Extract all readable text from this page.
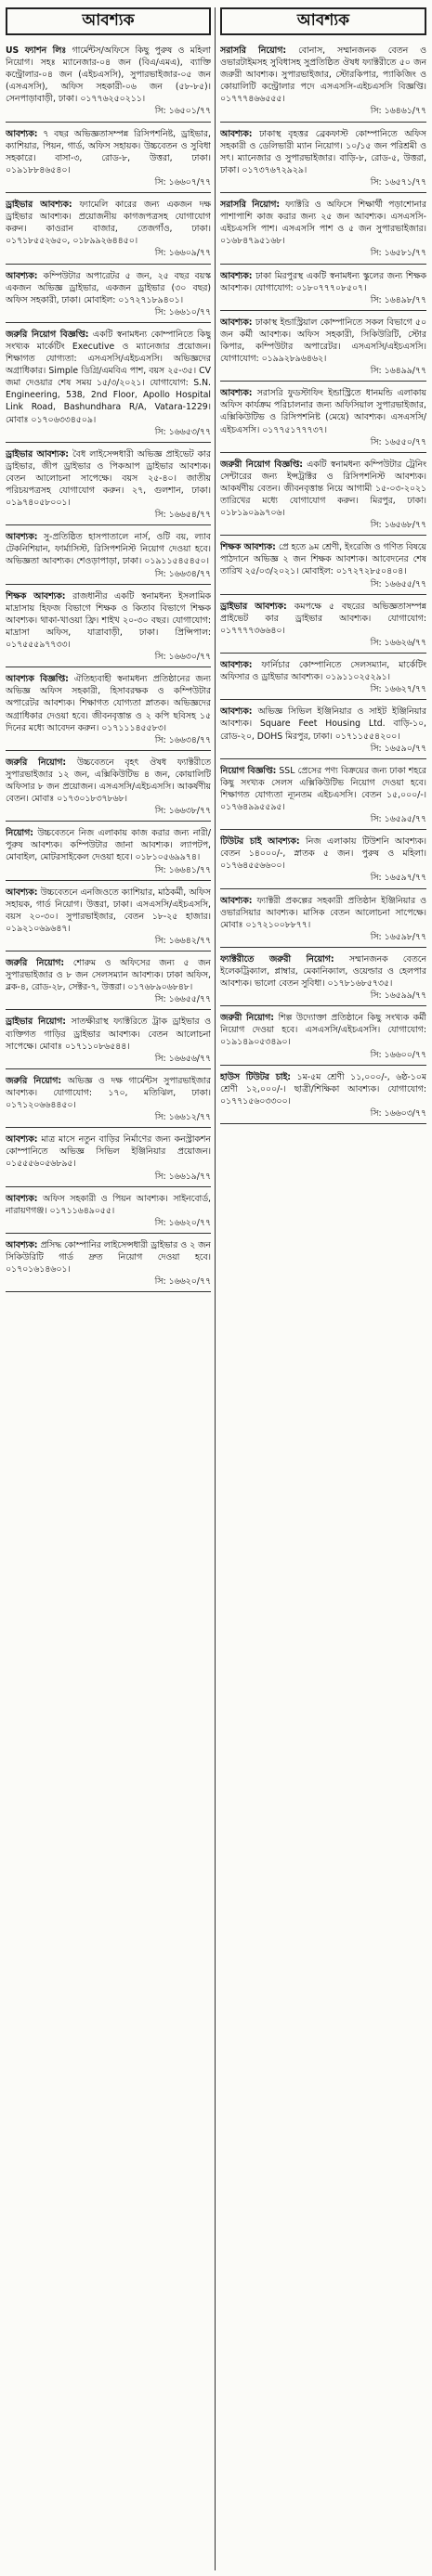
আবশ্যক

US ফ্যাশন লিঃ গার্মেন্টস/অফিসে কিছু পুরুষ ও মহিলা নিয়োগ। সহঃ ম্যানেজার-০৪ জন (বিএ/এমএ), ব্যাক্তি কন্ট্রোলার-০৪ জন (এইচএসসি), সুপারভাইজার-০৫ জন (এসএসসি), অফিস সহকারী-০৬ জন (৫৮-৮৫)। সেনপাড়াবাড়ী, ঢাকা। ০১৭৭৬২৫০২১১।
সি: ১৬৫০১/৭৭

আবশ্যক: ৭ বছর অভিজ্ঞতাসম্পন্ন রিসিপশনিষ্ট, ড্রাইভার, ক্যাশিয়ার, পিয়ন, গার্ড, অফিস সহায়ক। উচ্চবেতন ও সুবিধা সহকারে। বাসা-৩, রোড-৮, উত্তরা, ঢাকা। ০১৯১৮৮৪৬৫৪০।
সি: ১৬৬০৭/৭৭

ড্রাইভার আবশ্যক: ফ্যামেলি কারের জন্য একজন দক্ষ ড্রাইভার আবশ্যক। প্রয়োজনীয় কাগজপত্রসহ যোগাযোগ করুন। কাওরান বাজার, তেজগাঁও, ঢাকা। ০১৭১৮৫৫২৬৫০, ০১৮৯৯২৬৪৪৫০।
সি: ১৬৬০৯/৭৭

আবশ্যক: কম্পিউটার অপারেটর ৫ জন, ২৫ বছর বয়স্ক একজন অভিজ্ঞ ড্রাইভার, একজন ড্রাইভার (৩০ বছর) অফিস সহকারী, ঢাকা। মোবাইল: ০১৭২৭১৮৯৪০১।
সি: ১৬৬১০/৭৭

জরুরি নিয়োগ বিজ্ঞপ্তি: একটি স্বনামধন্য কোম্পানিতে কিছু সংখ্যক মার্কেটিং Executive ও ম্যানেজার প্রয়োজন। শিক্ষাগত যোগ্যতা: এসএসসি/এইচএসসি। অভিজ্ঞদের অগ্রাধিকার। Simple ডিগ্রি/এমবিএ পাশ, বয়স ২৫-৩৫। CV জমা দেওয়ার শেষ সময় ১৫/৩/২০২১। যোগাযোগ: S.N. Engineering, 538, 2nd Floor, Apollo Hospital Link Road, Bashundhara R/A, Vatara-1229। মোবাঃ ০১৭০৬৩৩৪৫০৯।
সি: ১৬৬৫৩/৭৭

ড্রাইভার আবশ্যক: বৈধ লাইসেন্সধারী অভিজ্ঞ প্রাইভেট কার ড্রাইভার, জীপ ড্রাইভার ও পিকআপ ড্রাইভার আবশ্যক। বেতন আলোচনা সাপেক্ষে। বয়স ২৫-৪০। জাতীয় পরিচয়পত্রসহ যোগাযোগ করুন। ২৭, গুলশান, ঢাকা। ০১৯৭৪০৫৮০০১।
সি: ১৬৬৫৪/৭৭

আবশ্যক: সু-প্রতিষ্ঠিত হাসপাতালে নার্স, ওটি বয়, ল্যাব টেকনিশিয়ান, ফার্মাসিস্ট, রিসিপশনিস্ট নিয়োগ দেওয়া হবে। অভিজ্ঞতা আবশ্যক। শেওড়াপাড়া, ঢাকা। ০১৯১১৫৪৫৪৫০।
সি: ১৬৬৩৪/৭৭

শিক্ষক আবশ্যক: রাজধানীর একটি স্বনামধন্য ইসলামিক মাদ্রাসায় হিফজ বিভাগে শিক্ষক ও কিতাব বিভাগে শিক্ষক আবশ্যক। থাকা-খাওয়া ফ্রি। শাইখ ২০-৩০ বছর। যোগাযোগ: মাদ্রাসা অফিস, যাত্রাবাড়ী, ঢাকা। প্রিন্সিপাল: ০১৭৫৫৫৯৭৭৩৩।
সি: ১৬৬৩০/৭৭

আবশ্যক বিজ্ঞপ্তি: ঐতিহ্যবাহী স্বনামধন্য প্রতিষ্ঠানের জন্য অভিজ্ঞ অফিস সহকারী, হিসাবরক্ষক ও কম্পিউটার অপারেটর আবশ্যক। শিক্ষাগত যোগ্যতা স্নাতক। অভিজ্ঞদের অগ্রাধিকার দেওয়া হবে। জীবনবৃত্তান্ত ও ২ কপি ছবিসহ ১৫ দিনের মধ্যে আবেদন করুন। ০১৭১১১৪৫৫৮৩।
সি: ১৬৬৩৪/৭৭

জরুরি নিয়োগ: উচ্চবেতনে বৃহৎ ঔষধ ফ্যাক্টরীতে সুপারভাইজার ১২ জন, এক্সিকিউটিভ ৪ জন, কোয়ালিটি অফিসার ৮ জন প্রয়োজন। এসএসসি/এইচএসসি। আকর্ষণীয় বেতন। মোবাঃ ০১৭৩০১৮৩৭৮৬৮।
সি: ১৬৬৩৮/৭৭

নিয়োগ: উচ্চবেতনে নিজ এলাকায় কাজ করার জন্য নারী/পুরুষ আবশ্যক। কম্পিউটার জানা আবশ্যক। ল্যাপটপ, মোবাইল, মোটরসাইকেল দেওয়া হবে। ০১৮১০৫৬৯৯৭৪।
সি: ১৬৬৪১/৭৭

আবশ্যক: উচ্চবেতনে এনজিওতে ক্যাশিয়ার, মাঠকর্মী, অফিস সহায়ক, গার্ড নিয়োগ। উত্তরা, ঢাকা। এসএসসি/এইচএসসি, বয়স ২০-৩০। সুপারভাইজার, বেতন ১৮-২৫ হাজার। ০১৯২১০৬৯৬৪৭।
সি: ১৬৬৪২/৭৭

জরুরি নিয়োগ: শোরুম ও অফিসের জন্য ৫ জন সুপারভাইজার ও ৮ জন সেলসম্যান আবশ্যক। ঢাকা অফিস, ব্লক-৪, রোড-২৮, সেক্টর-৭, উত্তরা। ০১৭৬৮৯০৬৮৪৮।
সি: ১৬৬৫৫/৭৭

ড্রাইভার নিয়োগ: সাতক্ষীরাস্থ ফ্যাক্টরিতে ট্রাক ড্রাইভার ও ব্যক্তিগত গাড়ির ড্রাইভার আবশ্যক। বেতন আলোচনা সাপেক্ষে। মোবাঃ ০১৭১১০৮৬৫৪৪।
সি: ১৬৬৫৬/৭৭

জরুরি নিয়োগ: অভিজ্ঞ ও দক্ষ গার্মেন্টস সুপারভাইজার আবশ্যক। যোগাযোগ: ১৭০, মতিঝিল, ঢাকা। ০১৭১২০৬৬৪৪৫০।
সি: ১৬৬১২/৭৭

আবশ্যক: মাত্র মাসে নতুন বাড়ির নির্মাণের জন্য কনস্ট্রাকশন কোম্পানিতে অভিজ্ঞ সিভিল ইঞ্জিনিয়ার প্রয়োজন। ০১৫৫৫৬০৫৬৮৯৫।
সি: ১৬৬১৯/৭৭

আবশ্যক: অফিস সহকারী ও পিয়ন আবশ্যক। সাইনবোর্ড, নারায়ণগঞ্জ। ০১৭১১৬৪৯০৫৫।
সি: ১৬৬২০/৭৭

আবশ্যক: প্রসিদ্ধ কোম্পানির লাইসেন্সধারী ড্রাইভার ও ২ জন সিকিউরিটি গার্ড দ্রুত নিয়োগ দেওয়া হবে। ০১৭০১৬১৪৬০১।
সি: ১৬৬২০/৭৭

আবশ্যক

সরাসরি নিয়োগ: বোনাস, সম্মানজনক বেতন ও ওভারটাইমসহ সুবিধাসহ সুপ্রতিষ্ঠিত ঔষধ ফ্যাক্টরীতে ৫০ জন জরুরী আবশ্যক। সুপারভাইজার, স্টোরকিপার, প্যাকিজিং ও কোয়ালিটি কন্ট্রোলার পদে এসএসসি-এইচএসসি বিজ্ঞপ্তি। ০১৭৭৭৪৬৬৫৫৫।
সি: ১৬৪৬১/৭৭

আবশ্যক: ঢাকাস্থ বৃহত্তর ব্রেকফাস্ট কোম্পানিতে অফিস সহকারী ও ডেলিভারী ম্যান নিয়োগ। ১০/১৫ জন পরিশ্রমী ও সৎ। ম্যানেজার ও সুপারভাইজার। বাড়ি-৮, রোড-৫, উত্তরা, ঢাকা। ০১৭৩৭৬৭২৯২৯।
সি: ১৬৫৭১/৭৭

সরাসরি নিয়োগ: ফ্যাক্টরি ও অফিসে শিক্ষার্থী পড়াশোনার পাশাপাশি কাজ করার জন্য ২৫ জন আবশ্যক। এসএসসি-এইচএসসি পাশ। এসএসসি পাশ ও ৫ জন সুপারভাইজার। ০১৬৮৪৭৯৫১৬৮।
সি: ১৬৫৮১/৭৭

আবশ্যক: ঢাকা মিরপুরস্থ একটি স্বনামধন্য স্কুলের জন্য শিক্ষক আবশ্যক। যোগাযোগ: ০১৮০৭৭৭০৮৫০৭।
সি: ১৬৪৯৮/৭৭

আবশ্যক: ঢাকাস্থ ইন্ডাস্ট্রিয়াল কোম্পানিতে সকল বিভাগে ৫০ জন কর্মী আবশ্যক। অফিস সহকারী, সিকিউরিটি, স্টোর কিপার, কম্পিউটার অপারেটর। এসএসসি/এইচএসসি। যোগাযোগ: ০১৯৯২৮৯৬৪৬২।
সি: ১৬৪৯৯/৭৭

আবশ্যক: সরাসরি ফুডস্টাফিং ইন্ডাস্ট্রিতে ধানমন্ডি এলাকায় অফিস কার্যক্রম পরিচালনার জন্য অফিসিয়াল সুপারভাইজার, এক্সিকিউটিভ ও রিসিপশনিষ্ট (মেয়ে) আবশ্যক। এসএসসি/এইচএসসি। ০১৭৭৫১৭৭৭৩৭।
সি: ১৬৫৫০/৭৭

জরুরী নিয়োগ বিজ্ঞপ্তি: একটি স্বনামধন্য কম্পিউটার ট্রেনিং সেন্টারের জন্য ইন্সট্রাক্টর ও রিসিপশনিস্ট আবশ্যক। আকর্ষণীয় বেতন। জীবনবৃত্তান্ত নিয়ে আগামী ১৫-০৩-২০২১ তারিখের মধ্যে যোগাযোগ করুন। মিরপুর, ঢাকা। ০১৮১৯০৯৯৭০৬।
সি: ১৬৫৬৮/৭৭

শিক্ষক আবশ্যক: প্রে হতে ৯ম শ্রেণী, ইংরেজি ও গণিত বিষয়ে পাঠদানে অভিজ্ঞ ২ জন শিক্ষক আবশ্যক। আবেদনের শেষ তারিখ ২৫/০৩/২০২১। মোবাইল: ০১৭২৭২৮৫০৪০৪।
সি: ১৬৬৫৫/৭৭

ড্রাইভার আবশ্যক: কমপক্ষে ৫ বছরের অভিজ্ঞতাসম্পন্ন প্রাইভেট কার ড্রাইভার আবশ্যক। যোগাযোগ: ০১৭৭৭৭৩৬৬৪০।
সি: ১৬৬২৬/৭৭

আবশ্যক: ফার্নিচার কোম্পানিতে সেলসম্যান, মার্কেটিং অফিসার ও ড্রাইভার আবশ্যক। ০১৯১১০২৫২৯১।
সি: ১৬৬২৭/৭৭

আবশ্যক: অভিজ্ঞ সিভিল ইঞ্জিনিয়ার ও সাইট ইঞ্জিনিয়ার আবশ্যক। Square Feet Housing Ltd. বাড়ি-১০, রোড-২০, DOHS মিরপুর, ঢাকা। ০১৭১১৫৫৪২০০।
সি: ১৬৫৯০/৭৭

নিয়োগ বিজ্ঞপ্তি: SSL প্রেসের পণ্য বিক্রয়ের জন্য ঢাকা শহরে কিছু সংখ্যক সেলস এক্সিকিউটিভ নিয়োগ দেওয়া হবে। শিক্ষাগত যোগ্যতা ন্যূনতম এইচএসসি। বেতন ১৫,০০০/-। ০১৭৬৪৯৯৫৫৯৫।
সি: ১৬৫৯৫/৭৭

টিউটর চাই আবশ্যক: নিজ এলাকায় টিউশনি আবশ্যক। বেতন ১৪০০০/-, স্নাতক ৫ জন। পুরুষ ও মহিলা। ০১৭৬৪৫৫৬৬০০।
সি: ১৬৫৯৭/৭৭

আবশ্যক: ফ্যাক্টরী প্রকল্পের সহকারী প্রতিষ্ঠান ইঞ্জিনিয়ার ও ওভারসিয়ার আবশ্যক। মাসিক বেতন আলোচনা সাপেক্ষে। মোবাঃ ০১৭২১০০৮৮৭৭।
সি: ১৬৫৯৮/৭৭

ফ্যাক্টরীতে জরুরী নিয়োগ: সম্মানজনক বেতনে ইলেকট্রিক্যাল, প্লাম্বার, মেকানিক্যাল, ওয়েল্ডার ও হেলপার আবশ্যক। ভালো বেতন সুবিধা। ০১৭৮১৬৮৫৭৩৫।
সি: ১৬৫৯৯/৭৭

জরুরী নিয়োগ: শিল্প উদ্যোক্তা প্রতিষ্ঠানে কিছু সংখ্যক কর্মী নিয়োগ দেওয়া হবে। এসএসসি/এইচএসসি। যোগাযোগ: ০১৯১৪৯০৫৩৪৯০।
সি: ১৬৬০০/৭৭

হাউস টিউটর চাই: ১ম-৫ম শ্রেণী ১১,০০০/-, ৬ষ্ঠ-১০ম শ্রেণী ১২,০০০/-। ছাত্রী/শিক্ষিকা আবশ্যক। যোগাযোগ: ০১৭৭১৫৬০৩৩০০।
সি: ১৬৬০৩/৭৭
